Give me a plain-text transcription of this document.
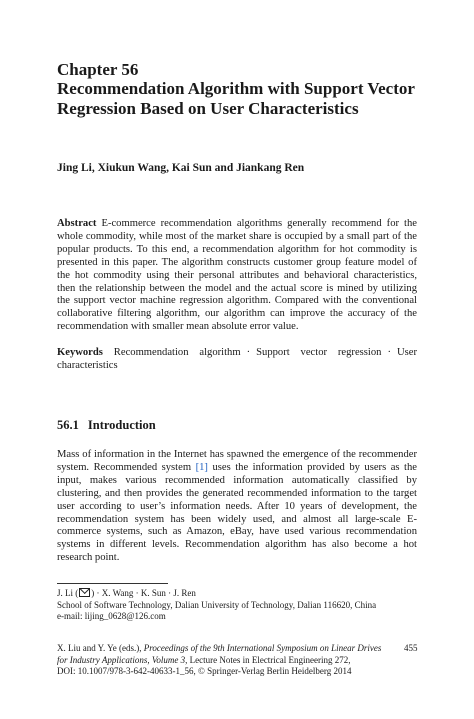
Chapter 56
Recommendation Algorithm with Support Vector Regression Based on User Characteristics
Jing Li, Xiukun Wang, Kai Sun and Jiankang Ren
Abstract E-commerce recommendation algorithms generally recommend for the whole commodity, while most of the market share is occupied by a small part of the popular products. To this end, a recommendation algorithm for hot commodity is presented in this paper. The algorithm constructs customer group feature model of the hot commodity using their personal attributes and behavioral characteristics, then the relationship between the model and the actual score is mined by utilizing the support vector machine regression algorithm. Compared with the conventional collaborative filtering algorithm, our algorithm can improve the accuracy of the recommendation with smaller mean absolute error value.
Keywords Recommendation algorithm · Support vector regression · User characteristics
56.1 Introduction
Mass of information in the Internet has spawned the emergence of the recommender system. Recommended system [1] uses the information provided by users as the input, makes various recommended information automatically classified by clustering, and then provides the generated recommended information to the target user according to user’s information needs. After 10 years of development, the recommendation system has been widely used, and almost all large-scale E-commerce systems, such as Amazon, eBay, have used various recommendation systems in different levels. Recommendation algorithm has also become a hot research point.
J. Li ( ) · X. Wang · K. Sun · J. Ren
School of Software Technology, Dalian University of Technology, Dalian 116620, China
e-mail: lijing_0628@126.com
X. Liu and Y. Ye (eds.), Proceedings of the 9th International Symposium on Linear Drives for Industry Applications, Volume 3, Lecture Notes in Electrical Engineering 272,
DOI: 10.1007/978-3-642-40633-1_56, © Springer-Verlag Berlin Heidelberg 2014
455
